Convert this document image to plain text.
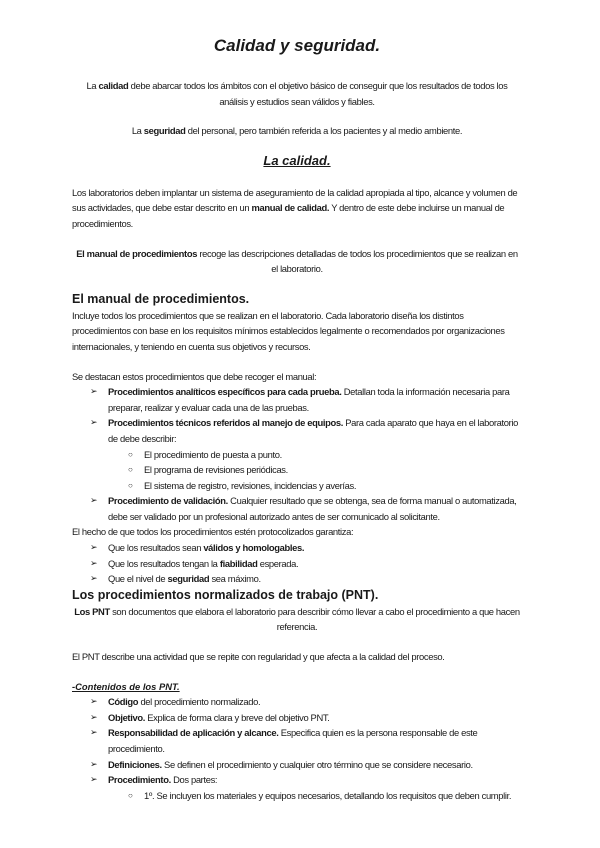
Calidad y seguridad.

La calidad debe abarcar todos los ámbitos con el objetivo básico de conseguir que los resultados de todos los análisis y estudios sean válidos y fiables.

La seguridad del personal, pero también referida a los pacientes y al medio ambiente.

La calidad.

Los laboratorios deben implantar un sistema de aseguramiento de la calidad apropiada al tipo, alcance y volumen de sus actividades, que debe estar descrito en un manual de calidad. Y dentro de este debe incluirse un manual de procedimientos.

El manual de procedimientos recoge las descripciones detalladas de todos los procedimientos que se realizan en el laboratorio.

El manual de procedimientos.

Incluye todos los procedimientos que se realizan en el laboratorio. Cada laboratorio diseña los distintos procedimientos con base en los requisitos mínimos establecidos legalmente o recomendados por organizaciones internacionales, y teniendo en cuenta sus objetivos y recursos.

Se destacan estos procedimientos que debe recoger el manual:

➢ Procedimientos analíticos específicos para cada prueba. Detallan toda la información necesaria para preparar, realizar y evaluar cada una de las pruebas.
➢ Procedimientos técnicos referidos al manejo de equipos. Para cada aparato que haya en el laboratorio de debe describir:
○ El procedimiento de puesta a punto.
○ El programa de revisiones periódicas.
○ El sistema de registro, revisiones, incidencias y averías.
➢ Procedimiento de validación. Cualquier resultado que se obtenga, sea de forma manual o automatizada, debe ser validado por un profesional autorizado antes de ser comunicado al solicitante.

El hecho de que todos los procedimientos estén protocolizados garantiza:

➢ Que los resultados sean válidos y homologables.
➢ Que los resultados tengan la fiabilidad esperada.
➢ Que el nivel de seguridad sea máximo.
Los procedimientos normalizados de trabajo (PNT).

Los PNT son documentos que elabora el laboratorio para describir cómo llevar a cabo el procedimiento a que hacen referencia.

El PNT describe una actividad que se repite con regularidad y que afecta a la calidad del proceso.

-Contenidos de los PNT.
➢ Código del procedimiento normalizado.
➢ Objetivo. Explica de forma clara y breve del objetivo PNT.
➢ Responsabilidad de aplicación y alcance. Especifica quien es la persona responsable de este procedimiento.
➢ Definiciones. Se definen el procedimiento y cualquier otro término que se considere necesario.
➢ Procedimiento. Dos partes:
○ 1º. Se incluyen los materiales y equipos necesarios, detallando los requisitos que deben cumplir.
